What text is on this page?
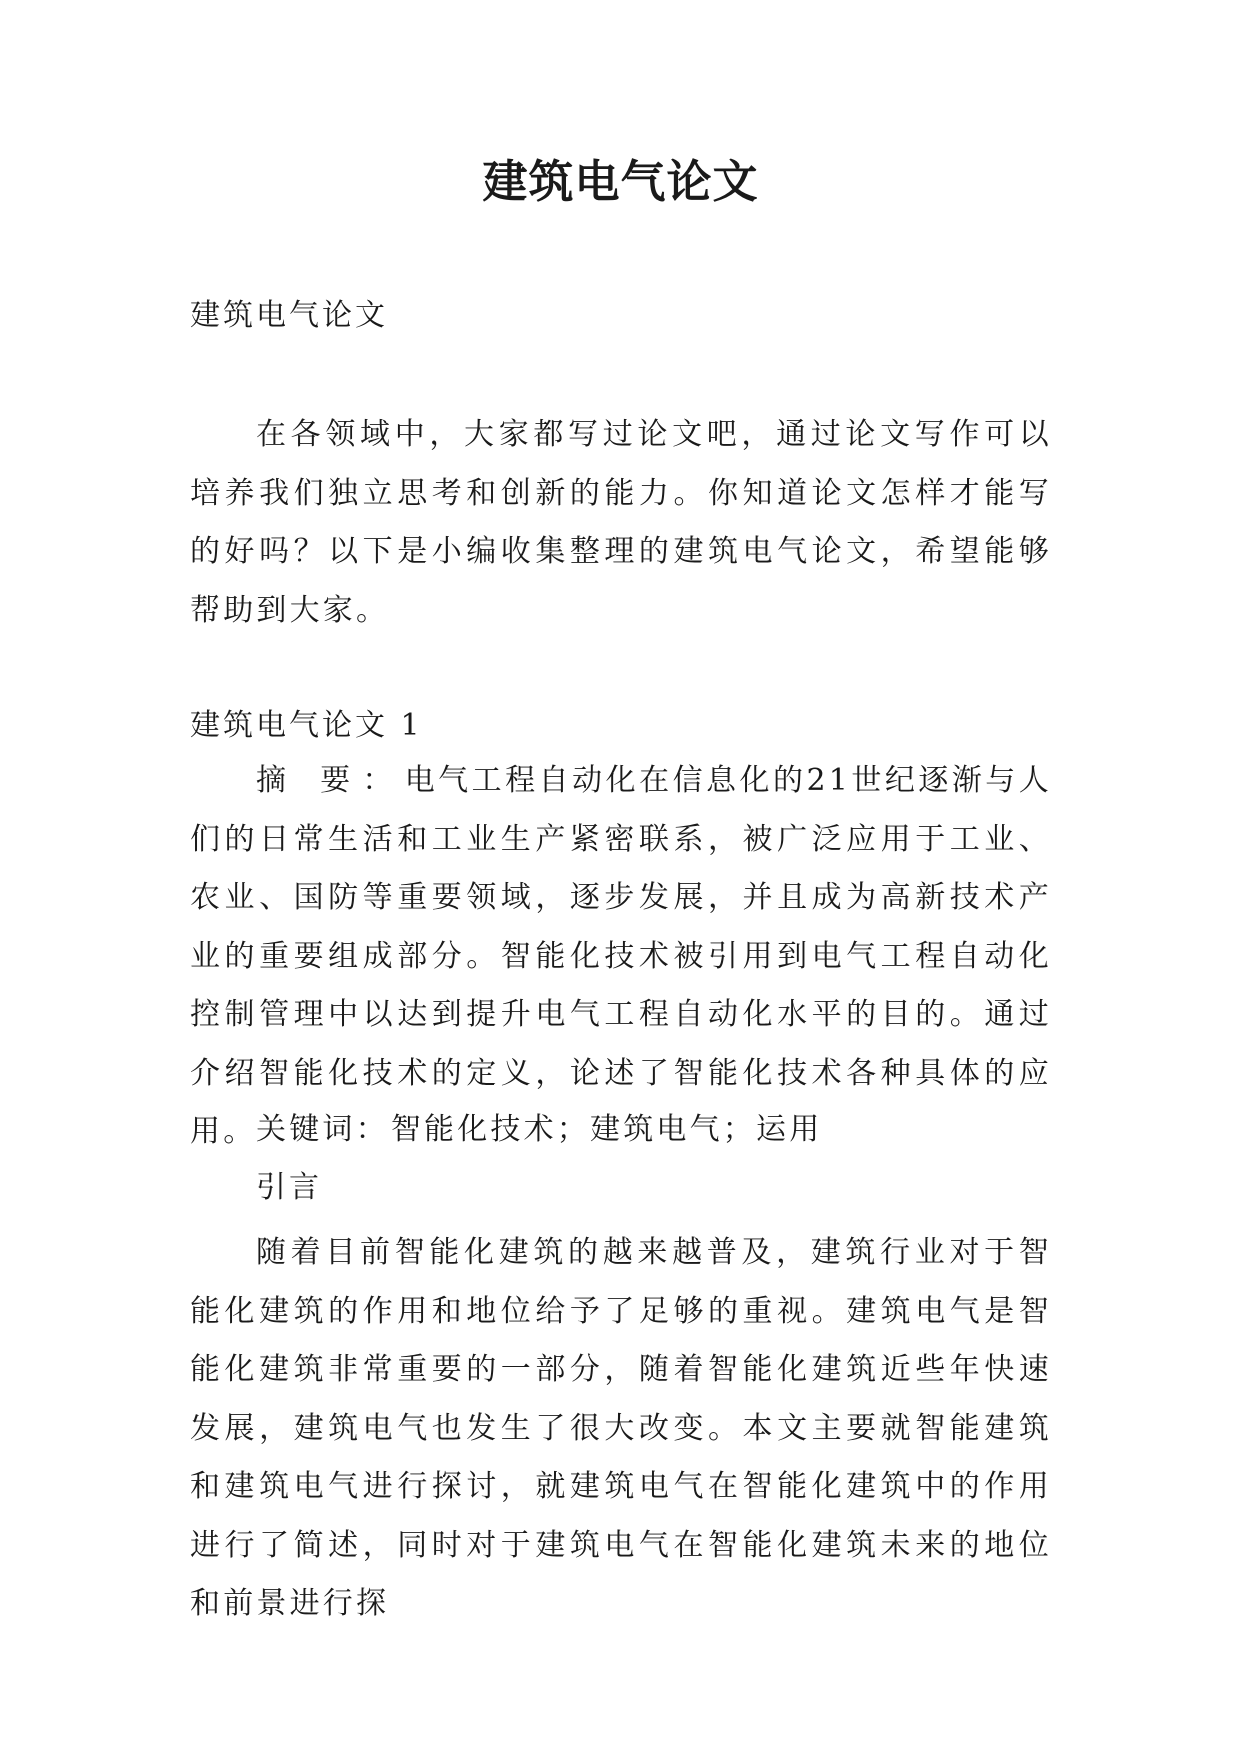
建筑电气论文

建筑电气论文

在各领域中，大家都写过论文吧，通过论文写作可以培养我们独立思考和创新的能力。你知道论文怎样才能写的好吗？以下是小编收集整理的建筑电气论文，希望能够帮助到大家。

建筑电气论文 1

摘 要：电气工程自动化在信息化的21世纪逐渐与人们的日常生活和工业生产紧密联系，被广泛应用于工业、农业、国防等重要领域，逐步发展，并且成为高新技术产业的重要组成部分。智能化技术被引用到电气工程自动化控制管理中以达到提升电气工程自动化水平的目的。通过介绍智能化技术的定义，论述了智能化技术各种具体的应用。 关键词：智能化技术；建筑电气；运用

引言

随着目前智能化建筑的越来越普及，建筑行业对于智能化建筑的作用和地位给予了足够的重视。建筑电气是智能化建筑非常重要的一部分，随着智能化建筑近些年快速发展，建筑电气也发生了很大改变。本文主要就智能建筑和建筑电气进行探讨，就建筑电气在智能化建筑中的作用进行了简述，同时对于建筑电气在智能化建筑未来的地位和前景进行探
